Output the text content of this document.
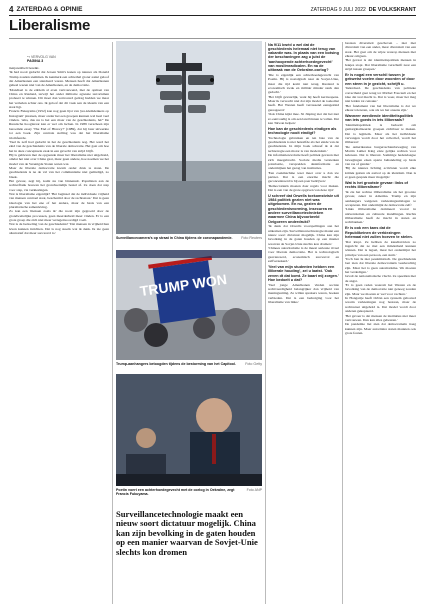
4 ZATERDAG & OPINIE	ZATERDAG 9 JULI 2022 DE VOLKSKRANT
Liberalisme
↪ VERVOLG VAN
PAGINA 3

tienjarenlbelt bereikt.

'Ik had nooit gedacht dat Jeroen Smit's kanen op nieuwe als Donald Trump zouden stemmen. Ik kenmerk een achterhal groter aanté geloof dat Amerikanen een standaard waren. Mensen heeft dat Amerikanen geheel wezen niet van de Amerikanen, en de democratie.

'Mondiaal is de enblem al even vertrouwend, met de opmaat van China en Rusland, terwijl het onder militaire agressie terrorismen probeert te winnen. Dit moet dan vertrouwd gedrag hadden we maar het verleden achter ons. Ik geloof dat dit vaak aan de ideeën van een staat ligt.

Francis Fukuyama (1952) kan nog geen lijst van 'pre-klemdenkers op Instagram' plaatsen, maar onder het een groepen kunnen wel heel veel vinden. 'Aha, dus nu is het een maar van de geschiedenis, hè?' De Russische hoogleraar kan er wel om lachen. In 1989 verscheen zijn beroemde essay 'The End of History?' (1989), dat hij later uitwerkte tot een boek. Zijn centrale stelling was dat het liberalisme triomfeerde.

'Veel ik zelf had gedacht in het de geschiedenis nog. Het werd het eind van de geschiedenis van de liberale democratie. Het gaat om hoe het in deze conceptuele zaak in een gevecht van strijd blijft.

Hij is gebleven met de opgaande maar het liberalisme niet uitgebreid, omdat het niet over China gaat, maar geen andere, hoe noemen we het model van de Verenigde Staten weten wat.

Maar de liberale democratie kwam onder druk te staan. De geschiedenis is na de val van het communisme niet geëindigd, zo bleek.

Het gevaar, zegt hij, komt nu van binnenuit. Populisten aan de rechterflank bouwen het grondwettelijk bestel af. Ze doen dat stap voor stap, via verkiezingen.

Wat is liberalisme eigenlijk? 'Het beginsel dat de individuele vrijheid van mensen centraal staat, beschermd door de rechtsstaat.' Dat is geen ideologie van het ene of het andere, maar de basis van een pluralistische samenleving.

Zo kan een 'mensen zoals ik' die nooit zijn gegroeid door de grondwettelijke processen, geen meerderheid meer vinden. Er is een grote groep die zich niet meer vertegenwoordigd voelt.

Wat is de bedoeling van de geschiedenis? 'Dat mensen in vrijheid hun leven kunnen inrichten. Dat is nog steeds wat ik denk. Ik zie geen alternatief dat meer succesvol is.'

Foto Reuters
Surveillancecamera's op straat in China tijdens de coronapandemie.
TRUMP WON
Foto Getty
Trump-aanhangers betoogden tijdens de bestorming van het Capitool.
Foto ANP
Poetin voert een achterhoedegevecht met de oorlog in Oekraïne, zegt Francis Fukuyama.
Surveillancetechnologie maakt een nieuw soort dictatuur mogelijk. China kan zijn bevolking in de gaten houden op een manier waarvan de Sovjet-Unie slechts kon dromen
Na 9/11 kwéd u wel dat de geschiedenis helemaal niet terug van vakantie was. In plaats van een botsing der beschavingen zag u juist de 'aanhoopende achterhoedegevecht' van moslimradicalen. En na de uitbraak van de Oekraïne-oorlog?

'Die is eigenlijk een achterhoedegevecht van Poetin. Hij is nostalgisch naar de Sovjet-Unie, maar die tijd komt niet terug. Rusland is economisch zwak en militair minder sterk dan gedacht.'

'Het blijft gevaarlijk, want hij heeft kernwapens. Maar ik verwacht niet dat zijn model de toekomst heeft. Het Westen heeft verrassend eensgezind gereageerd.'

'Ook China kijkt mee. Xi Jinping ziet dat het niet zo eenvoudig is om een land binnen te vallen. Dat kan Taiwan helpen.'

Hoe kan de geschiedenis eindigen als technologie nooit eindigt?

'Technologie gebruiken en ten bate van de geschiedenis is niet hetzelfde als het einde van de geschiedenis. In mijn boek schreef ik al dat technologie een motor is van moderniteit.'

De informatierevolutie heeft politiek gevaren met zich meegebracht. Sociale media versterken polarisatie, verspreiden desinformatie en ondermijnen het gezag van instituties.

'Een zoekmachine weet meer over u dan uw partner. Dat is een enorme macht die geconcentreerd is bij een paar bedrijven.'

'Democratieën moeten daar regels voor maken. Dat is een van de grote opgaven van deze tijd.'

U schreef dat Orwells toekomstvisie uit 1984 politiek gezien niet was uitgekomen. En nu, gezien de geschiedenisvorming, insecurea en andere surveillancetechnieken waarmee China bijvoorbeeld Oeigoeren onderdrukt?

'Ik denk dat Orwells voorspellingen aan het uitkomen zijn. Surveillancetechnologie maakt een nieuw soort dictatuur mogelijk. China kan zijn bevolking in de gaten houden op een manier waarvan de Sovjet-Unie slechts kon dromen.'

'Chinees autoritarisme is de meest serieuze rivaal voor liberale democratie. Het is technologisch geavanceerd, economisch succesvol en zelfverzekerd.'

'Veel van mijn studenten hebben een illiberale houding', zei u laatst. 'Ook zeven dt dat komt. Ze baart mij zorgen.' Hoe bedoelt u dat?

'Veel jonge Amerikanen vinden sociale rechtvaardigheid belangrijker dan vrijheid van meningsuiting. Ze willen sprekers weren, boeken verbieden. Dat is een bedreiging voor het liberalisme van links.'

bestaan diversiteit geschoven – niet met diversiteit van een ander, maar diversiteit van een staat. Het gaat om de wijze waarop mensen met elkaar omgaan.

'Het gevaar is dat identiteitspolitiek mensen in hokjes stopt. Dat liberalisme verschuift naar een strijd tussen groepen.'

Er is nogal een verschil tussen je gekwetst voelen door woorden of door een steen in je gezicht, schrijft u.

'Inderdaad. De geschiedenis van politieke correctheid gaat terug tot Michel Foucault en het idee dat taal macht is. Dat is waar, maar het mag niet leiden tot censuur.'

'Het fundament van het liberalisme is dat we elkaar tolereren, ook als we het oneens zijn.'

Wanneer werdiende identiteitspolitiek van iets goeds in iets illiberaals?

'Identiteitspolitiek is bedoeld om gemarginaliseerde groepen zichtbaar te maken. Dat is legitiem. Maar als het individuele vervangen wordt door het collectief, wordt het illiberaal.'

'De Amerikaanse burgerrechtenbeweging van Martin Luther King eiste gelijke rechten voor iedereen. Dat is liberaal. Sommige hedendaagse bewegingen eisen aparte behandeling op basis van ras of gender.'

'Bij de nieuwe lichting activisten wordt elke kritiek gezien als aanval op de identiteit. Dan is er geen gesprek meer mogelijk.'

Wat is het grootste gevaar: links of rechts illiberalisme?

'Ik zie het rechtse illiberalisme als het grootste gevaar, zeker in Amerika. Trump en zijn aanhangers weigeren verkiezingsuitslagen te accepteren. Dat ondermijnt de democratie zelf.'

'Links illiberalisme domineert vooral in universiteiten en culturele instellingen. Rechts illiberalisme heeft de macht in staten en rechtbanken.'

Er is ook een kans dat de Republikeinen de verkiezingen helemaal niet zullen hoeven te stelen.

'Dat klopt. Ze hebben de kiesdistricten zo ingericht dat ze met een minderheid kunnen winnen. Dat is legaal, maar het ondermijnt het principe van een persoon, een stem.'

'Toch ben ik niet pessimistisch. De geschiedenis laat zien dat liberale democratieën veerkrachtig zijn. Maar het is geen automatisme. We moeten het verdedigen.'

bevalt de nationalistische vlucht. Ze speelden met de angst.

'Er is geen reden waarom het Westen en de bevolking van de democratie niet genoeg zouden zijn. Maar we moeten er wel voor vechten.'

In Hongarije heeft Orbán een systeem gebouwd waarin verkiezingen nog bestaan, maar de rechtsstaat uitgehold is. Dat model wordt door anderen gekopieerd.

'Het gevaar is dat mensen de instituties niet meer vertrouwen. Dan kan alles gebeuren.'

De pandemie liet zien dat democratieën traag kunnen zijn. Maar autoritaire staten maakten ook grote fouten.
